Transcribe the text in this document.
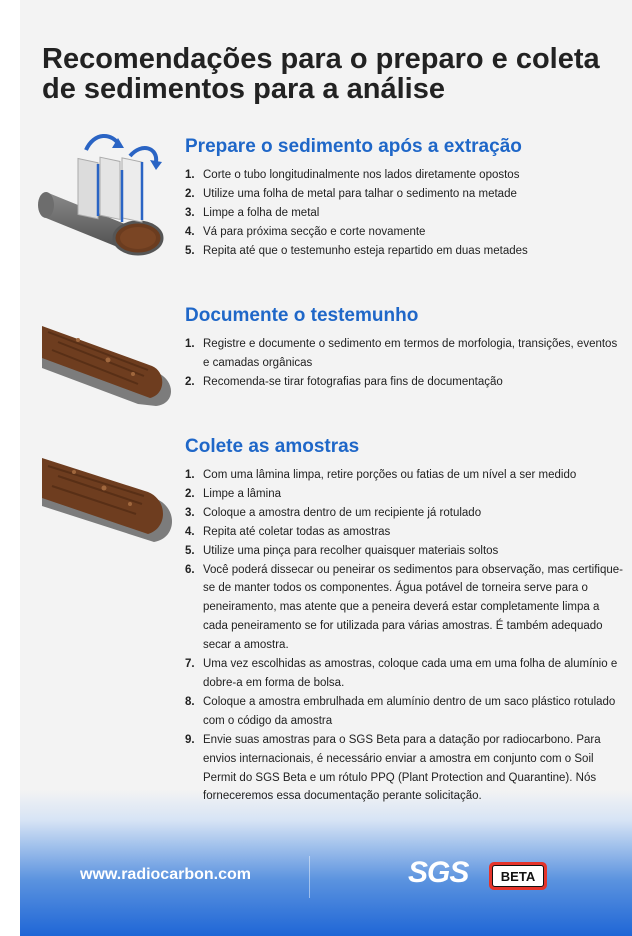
Recomendações para o preparo e coleta de sedimentos para a análise
Prepare o sedimento após a extração
1. Corte o tubo longitudinalmente nos lados diretamente opostos
2. Utilize uma folha de metal para talhar o sedimento na metade
3. Limpe a folha de metal
4. Vá para próxima secção e corte novamente
5. Repita até que o testemunho esteja repartido em duas metades
Documente o testemunho
1. Registre e documente o sedimento em termos de morfologia, transições, eventos e camadas orgânicas
2. Recomenda-se tirar fotografias para fins de documentação
Colete as amostras
1. Com uma lâmina limpa, retire porções ou fatias de um nível a ser medido
2. Limpe a lâmina
3. Coloque a amostra dentro de um recipiente já rotulado
4. Repita até coletar todas as amostras
5. Utilize uma pinça para recolher quaisquer materiais soltos
6. Você poderá dissecar ou peneirar os sedimentos para observação, mas certifique-se de manter todos os componentes. Água potável de torneira serve para o peneiramento, mas atente que a peneira deverá estar completamente limpa a cada peneiramento se for utilizada para várias amostras. É também adequado secar a amostra.
7. Uma vez escolhidas as amostras, coloque cada uma em uma folha de alumínio e dobre-a em forma de bolsa.
8. Coloque a amostra embrulhada em alumínio dentro de um saco plástico rotulado com o código da amostra
9. Envie suas amostras para o SGS Beta para a datação por radiocarbono. Para envios internacionais, é necessário enviar a amostra em conjunto com o Soil Permit do SGS Beta e um rótulo PPQ (Plant Protection and Quarantine). Nós forneceremos essa documentação perante solicitação.
www.radiocarbon.com	SGS	BETA
